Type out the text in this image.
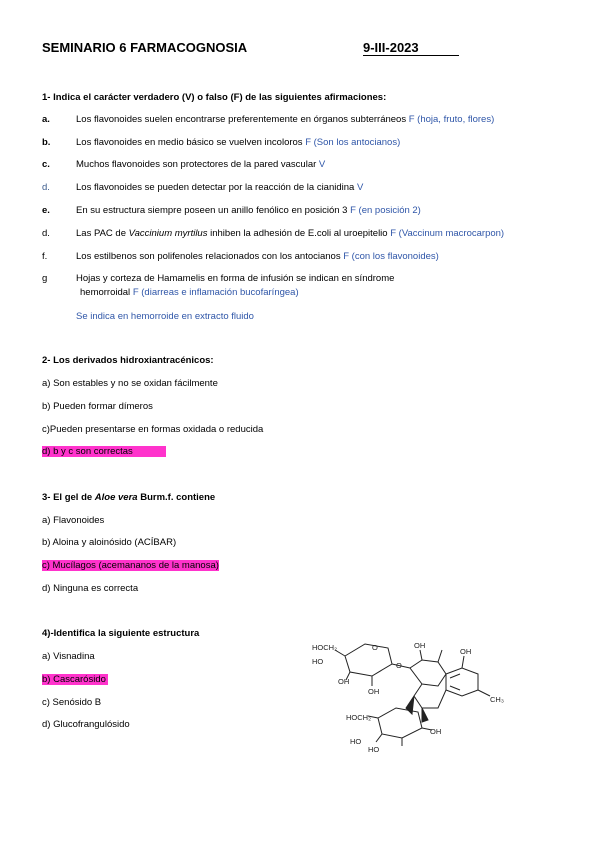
SEMINARIO 6 FARMACOGNOSIA	9-III-2023
1- Indica el carácter verdadero (V) o falso (F) de las siguientes afirmaciones:
a.	Los flavonoides suelen encontrarse preferentemente en órganos subterráneos F (hoja, fruto, flores)
b.	Los flavonoides en medio básico se vuelven incoloros F (Son los antocianos)
c.	Muchos flavonoides son protectores de la pared vascular V
d.	Los flavonoides se pueden detectar por la reacción de la cianidina V
e.	En su estructura siempre poseen un anillo fenólico en posición 3 F (en posición 2)
d.	Las PAC de Vaccinium myrtilus inhiben la adhesión de E.coli al uroepitelio F (Vaccinum macrocarpon)
f.	Los estilbenos son polifenoles relacionados con los antocianos F (con los flavonoides)
g	Hojas y corteza de Hamamelis en forma de infusión se indican en síndrome
hemorroidal F (diarreas e inflamación bucofaríngea)
Se indica en hemorroide en extracto fluido
2- Los derivados hidroxiantracénicos:
a) Son estables y no se oxidan fácilmente
b) Pueden formar dímeros
c)Pueden presentarse en formas oxidada o reducida
d) b y c son correctas
3- El gel de Aloe vera Burm.f. contiene
a) Flavonoides
b) Aloina y aloinósido (ACÍBAR)
c) Mucílagos (acemananos de la manosa)
d) Ninguna es correcta
4)-Identifica la siguiente estructura
a) Visnadina
b) Cascarósido
c) Senósido B
d) Glucofrangulósido
HOCH₂
HO
OH
OH
O
O
OH
OH
CH₃
HOCH₂
HO
HO
OH
